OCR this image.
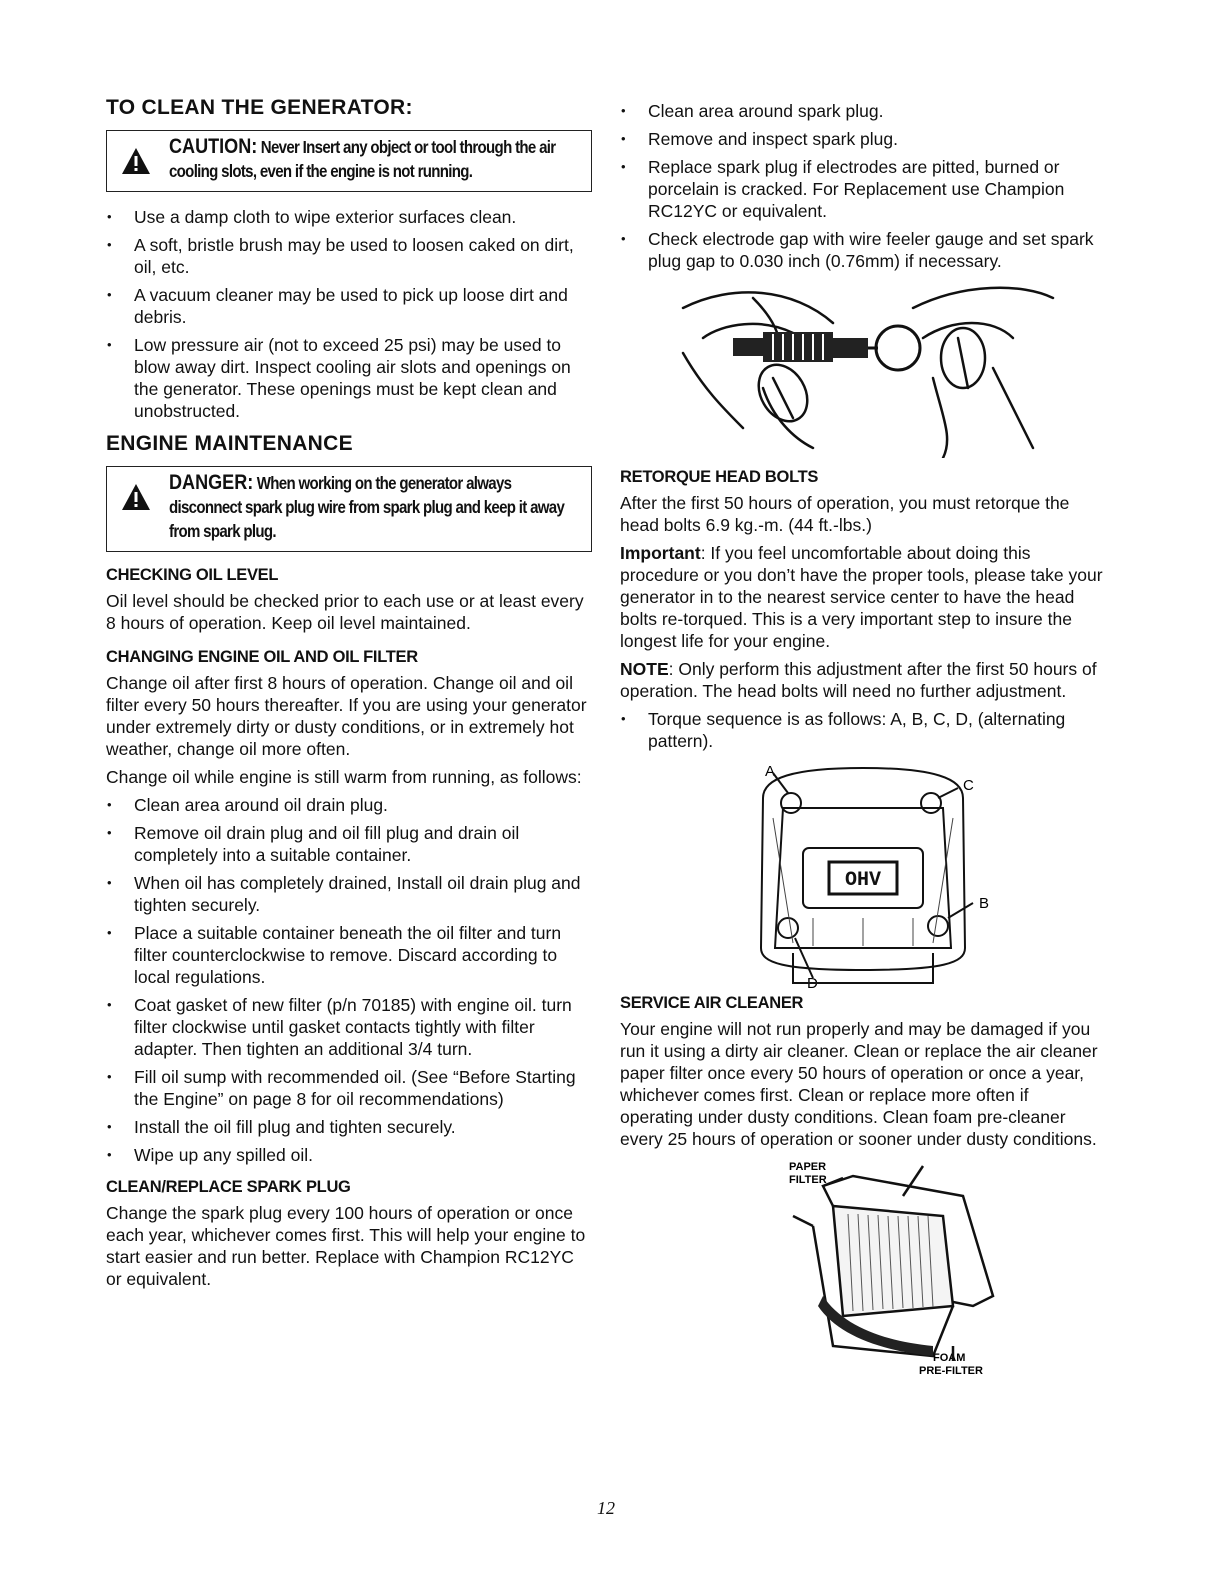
TO CLEAN THE GENERATOR:
CAUTION: Never Insert any object or tool through the air cooling slots, even if the engine is not running.
• Use a damp cloth to wipe exterior surfaces clean.
• A soft, bristle brush may be used to loosen caked on dirt, oil, etc.
• A vacuum cleaner may be used to pick up loose dirt and debris.
• Low pressure air (not to exceed 25 psi) may be used to blow away dirt. Inspect cooling air slots and openings on the generator. These openings must be kept clean and unobstructed.
ENGINE MAINTENANCE
DANGER: When working on the generator always disconnect spark plug wire from spark plug and keep it away from spark plug.
CHECKING OIL LEVEL

Oil level should be checked prior to each use or at least every 8 hours of operation. Keep oil level maintained.

CHANGING ENGINE OIL AND OIL FILTER

Change oil after first 8 hours of operation. Change oil and oil filter every 50 hours thereafter. If you are using your generator under extremely dirty or dusty conditions, or in extremely hot weather, change oil more often.

Change oil while engine is still warm from running, as follows:

• Clean area around oil drain plug.
• Remove oil drain plug and oil fill plug and drain oil completely into a suitable container.
• When oil has completely drained, Install oil drain plug and tighten securely.
• Place a suitable container beneath the oil filter and turn filter counterclockwise to remove. Discard according to local regulations.
• Coat gasket of new filter (p/n 70185) with engine oil. turn filter clockwise until gasket contacts tightly with filter adapter. Then tighten an additional 3/4 turn.
• Fill oil sump with recommended oil. (See “Before Starting the Engine” on page 8 for oil recommendations)
• Install the oil fill plug and tighten securely.
• Wipe up any spilled oil.
CLEAN/REPLACE SPARK PLUG

Change the spark plug every 100 hours of operation or once each year, whichever comes first. This will help your engine to start easier and run better. Replace with Champion RC12YC or equivalent.

• Clean area around spark plug.
• Remove and inspect spark plug.
• Replace spark plug if electrodes are pitted, burned or porcelain is cracked. For Replacement use Champion RC12YC or equivalent.
• Check electrode gap with wire feeler gauge and set spark plug gap to 0.030 inch (0.76mm) if necessary.
RETORQUE HEAD BOLTS

After the first 50 hours of operation, you must retorque the head bolts 6.9 kg.-m. (44 ft.-lbs.)

Important: If you feel uncomfortable about doing this procedure or you don’t have the proper tools, please take your generator in to the nearest service center to have the head bolts re-torqued. This is a very important step to insure the longest life for your engine.

NOTE: Only perform this adjustment after the first 50 hours of operation. The head bolts will need no further adjustment.

• Torque sequence is as follows: A, B, C, D, (alternating pattern).
A
C
B
D
OHV
SERVICE AIR CLEANER

Your engine will not run properly and may be damaged if you run it using a dirty air cleaner. Clean or replace the air cleaner paper filter once every 50 hours of operation or once a year, whichever comes first. Clean or replace more often if operating under dusty conditions. Clean foam pre-cleaner every 25 hours of operation or sooner under dusty conditions.

PAPER
FILTER
FOAM
PRE-FILTER
12
